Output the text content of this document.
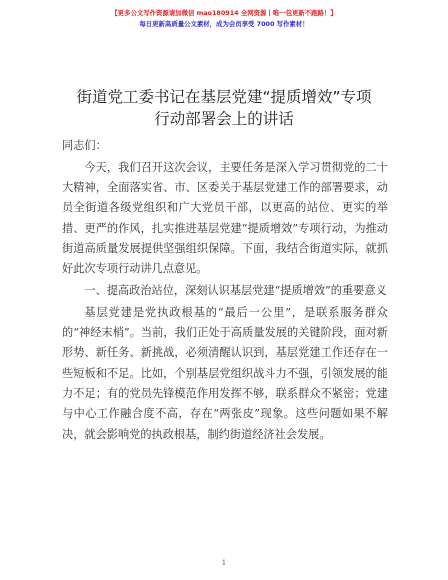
【更多公文写作资源请加微信 mao180914 全网资源丨唯一包更新不跑路！】
每日更新高质量公文素材，成为会员享受 7000 写作素材！
街道党工委书记在基层党建“提质增效”专项
行动部署会上的讲话

同志们：

今天，我们召开这次会议，主要任务是深入学习贯彻党的二十大精神，全面落实省、市、区委关于基层党建工作的部署要求，动员全街道各级党组织和广大党员干部，以更高的站位、更实的举措、更严的作风，扎实推进基层党建“提质增效”专项行动，为推动街道高质量发展提供坚强组织保障。下面，我结合街道实际，就抓好此次专项行动讲几点意见。

一、提高政治站位，深刻认识基层党建“提质增效”的重要意义

基层党建是党执政根基的“最后一公里”，是联系服务群众的“神经末梢”。当前，我们正处于高质量发展的关键阶段，面对新形势、新任务、新挑战，必须清醒认识到，基层党建工作还存在一些短板和不足。比如，个别基层党组织战斗力不强，引领发展的能力不足；有的党员先锋模范作用发挥不够，联系群众不紧密；党建与中心工作融合度不高，存在“两张皮”现象。这些问题如果不解决，就会影响党的执政根基，制约街道经济社会发展。

1
